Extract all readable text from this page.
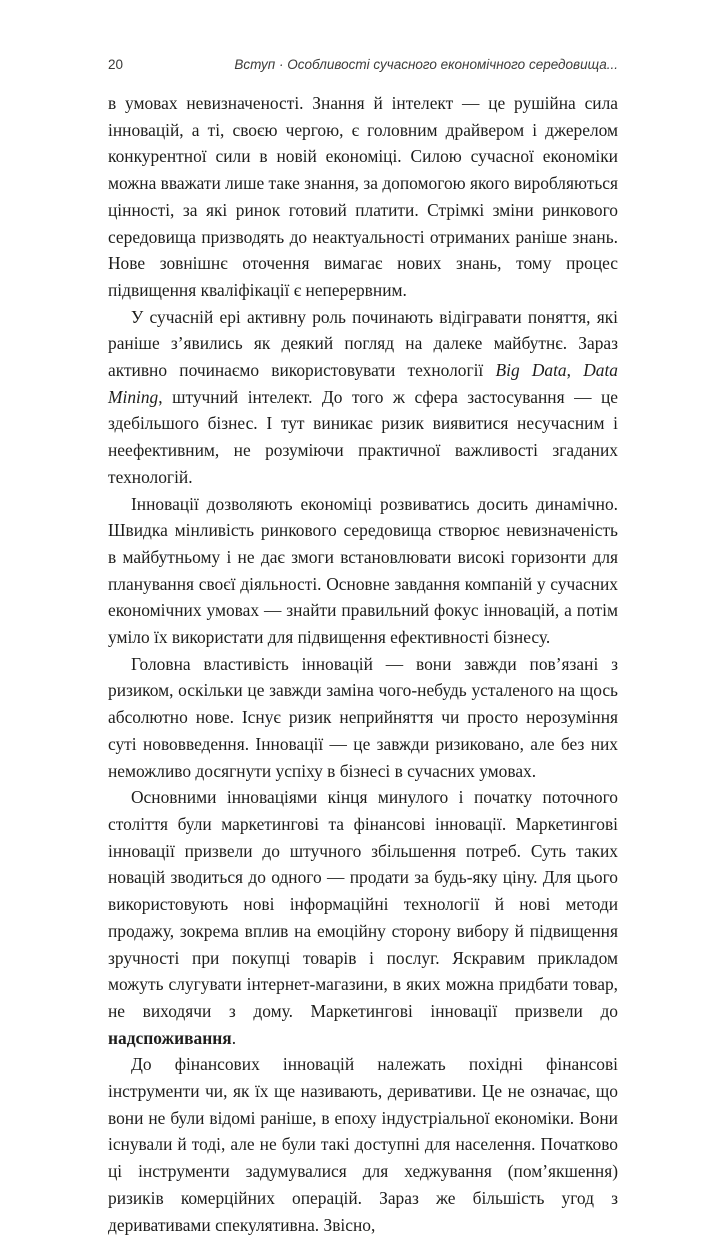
20	Вступ · Особливості сучасного економічного середовища...

в умовах невизначеності. Знання й інтелект — це рушійна сила інновацій, а ті, своєю чергою, є головним драйвером і джерелом конкурентної сили в новій економіці. Силою сучасної економіки можна вважати лише таке знання, за допомогою якого виробляються цінності, за які ринок готовий платити. Стрімкі зміни ринкового середовища призводять до неактуальності отриманих раніше знань. Нове зовнішнє оточення вимагає нових знань, тому процес підвищення кваліфікації є неперервним.

У сучасній ері активну роль починають відігравати поняття, які раніше з’явились як деякий погляд на далеке майбутнє. Зараз активно починаємо використовувати технології Big Data, Data Mining, штучний інтелект. До того ж сфера застосування — це здебільшого бізнес. І тут виникає ризик виявитися несучасним і неефективним, не розуміючи практичної важливості згаданих технологій.

Інновації дозволяють економіці розвиватись досить динамічно. Швидка мінливість ринкового середовища створює невизначеність в майбутньому і не дає змоги встановлювати високі горизонти для планування своєї діяльності. Основне завдання компаній у сучасних економічних умовах — знайти правильний фокус інновацій, а потім уміло їх використати для підвищення ефективності бізнесу.

Головна властивість інновацій — вони завжди пов’язані з ризиком, оскільки це завжди заміна чого-небудь усталеного на щось абсолютно нове. Існує ризик неприйняття чи просто нерозуміння суті нововведення. Інновації — це завжди ризиковано, але без них неможливо досягнути успіху в бізнесі в сучасних умовах.

Основними інноваціями кінця минулого і початку поточного століття були маркетингові та фінансові інновації. Маркетингові інновації призвели до штучного збільшення потреб. Суть таких новацій зводиться до одного — продати за будь-яку ціну. Для цього використовують нові інформаційні технології й нові методи продажу, зокрема вплив на емоційну сторону вибору й підвищення зручності при покупці товарів і послуг. Яскравим прикладом можуть слугувати інтернет-магазини, в яких можна придбати товар, не виходячи з дому. Маркетингові інновації призвели до надспоживання.

До фінансових інновацій належать похідні фінансові інструменти чи, як їх ще називають, деривативи. Це не означає, що вони не були відомі раніше, в епоху індустріальної економіки. Вони існували й тоді, але не були такі доступні для населення. Початково ці інструменти задумувалися для хеджування (пом’якшення) ризиків комерційних операцій. Зараз же більшість угод з деривативами спекулятивна. Звісно,
